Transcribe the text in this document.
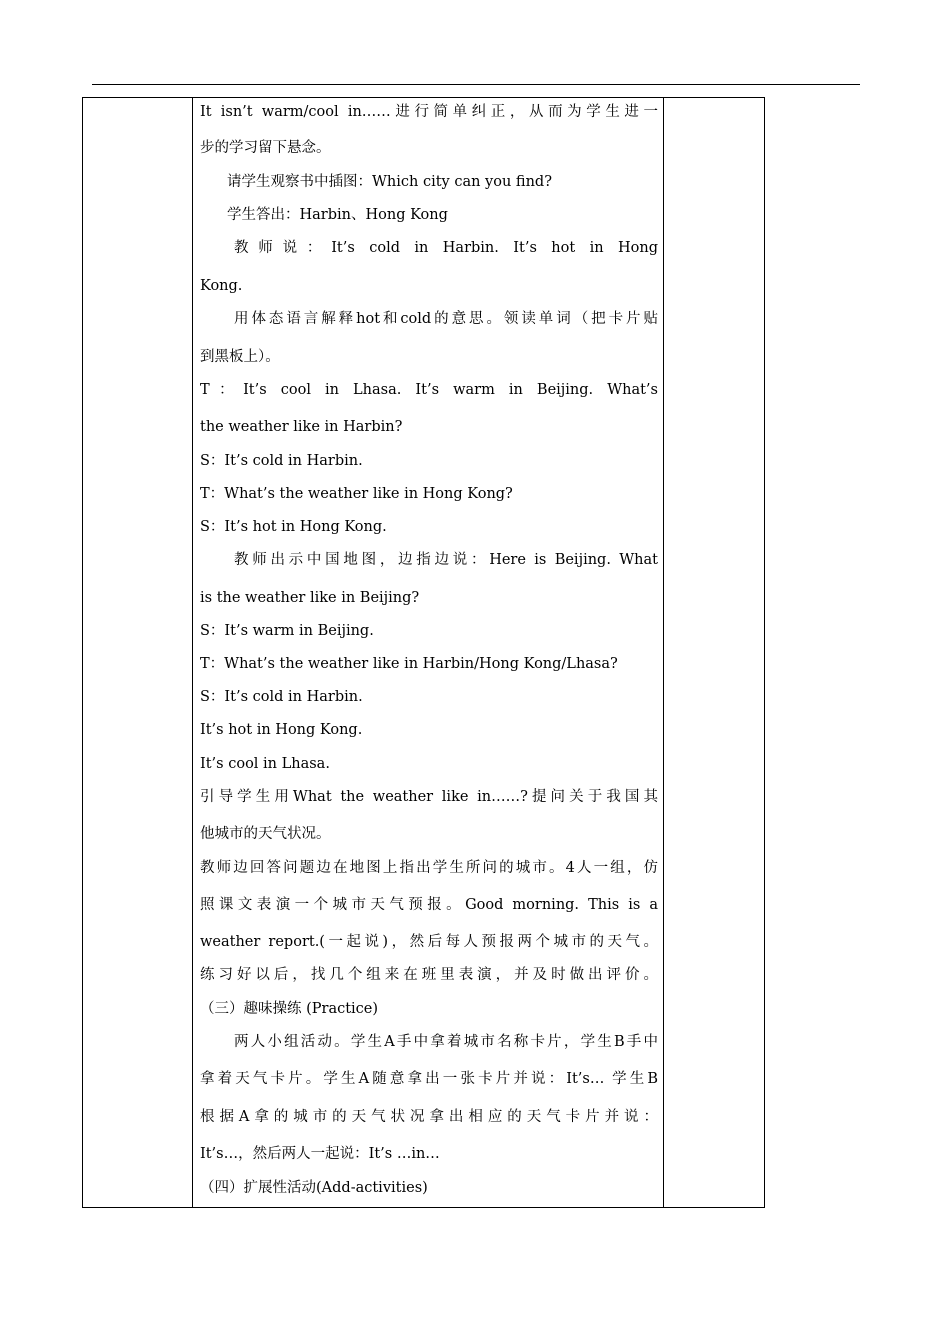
It isn’t warm/cool in……进行简单纠正，从而为学生进一
步的学习留下悬念。
请学生观察书中插图：Which city can you find?
学生答出：Harbin、Hong Kong
教师说：It’s cold in Harbin. It’s hot in Hong
Kong.
用体态语言解释hot和cold的意思。领读单词（把卡片贴
到黑板上）。
T：It’s cool in Lhasa. It’s warm in Beijing. What’s
the weather like in Harbin?
S：It’s cold in Harbin.
T：What’s the weather like in Hong Kong?
S：It’s hot in Hong Kong.
教师出示中国地图，边指边说：Here is Beijing. What
is the weather like in Beijing?
S：It’s warm in Beijing.
T：What’s the weather like in Harbin/Hong Kong/Lhasa?
S：It’s cold in Harbin.
It’s hot in Hong Kong.
It’s cool in Lhasa.
引导学生用What the weather like in……?提问关于我国其
他城市的天气状况。
教师边回答问题边在地图上指出学生所问的城市。4人一组，仿
照课文表演一个城市天气预报。Good morning. This is a
weather report.(一起说)，然后每人预报两个城市的天气。
练习好以后，找几个组来在班里表演，并及时做出评价。
（三）趣味操练 (Practice)
两人小组活动。学生A手中拿着城市名称卡片，学生B手中
拿着天气卡片。学生A随意拿出一张卡片并说：It’s… 学生B
根据A拿的城市的天气状况拿出相应的天气卡片并说：
It’s…，然后两人一起说：It’s …in…
（四）扩展性活动(Add-activities)
